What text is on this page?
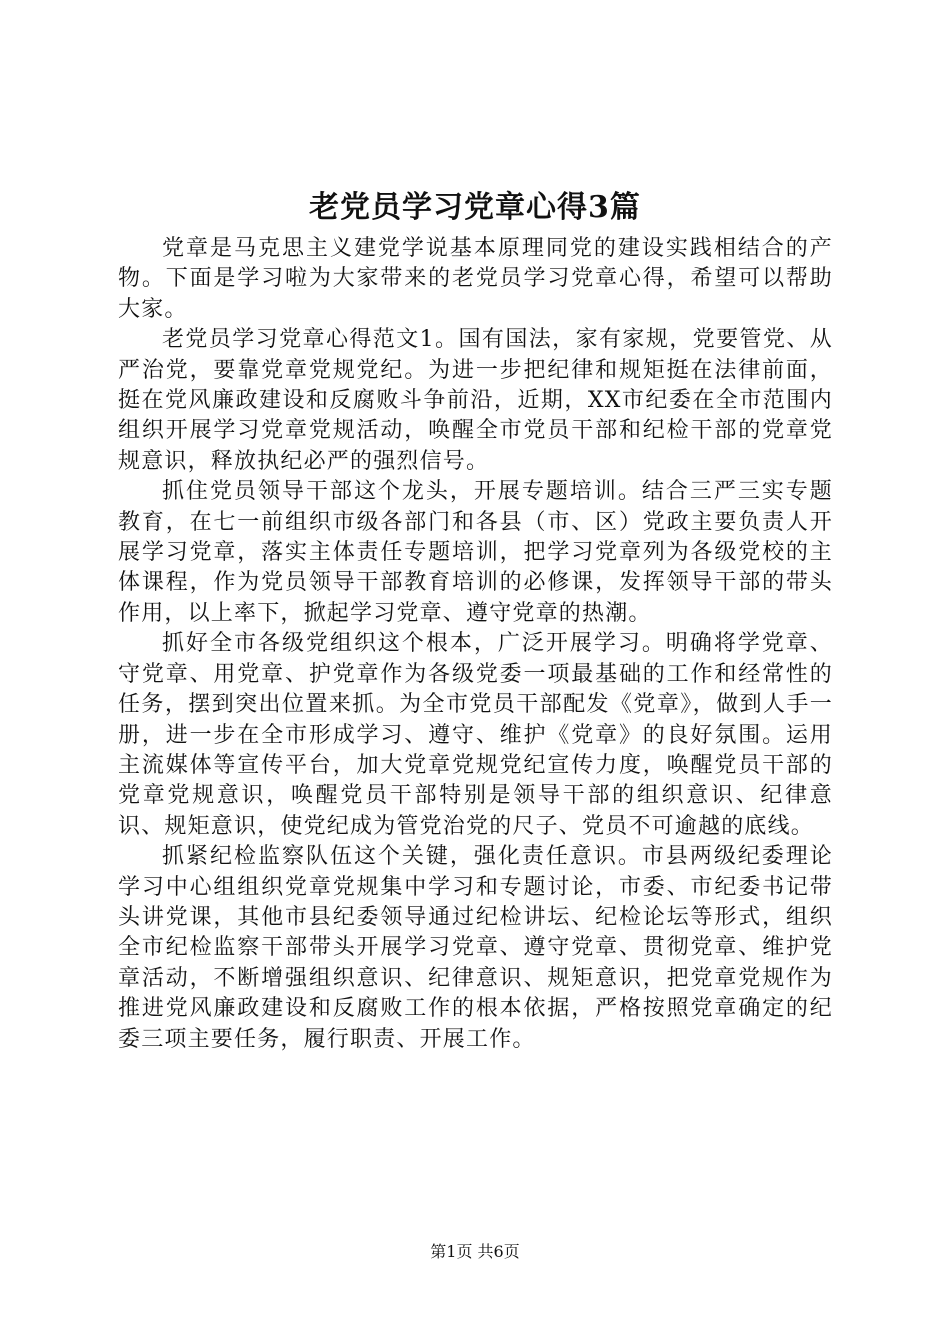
老党员学习党章心得3篇

党章是马克思主义建党学说基本原理同党的建设实践相结合的产物。下面是学习啦为大家带来的老党员学习党章心得，希望可以帮助大家。

老党员学习党章心得范文1。国有国法，家有家规，党要管党、从严治党，要靠党章党规党纪。为进一步把纪律和规矩挺在法律前面，挺在党风廉政建设和反腐败斗争前沿，近期，XX市纪委在全市范围内组织开展学习党章党规活动，唤醒全市党员干部和纪检干部的党章党规意识，释放执纪必严的强烈信号。

抓住党员领导干部这个龙头，开展专题培训。结合三严三实专题教育，在七一前组织市级各部门和各县（市、区）党政主要负责人开展学习党章，落实主体责任专题培训，把学习党章列为各级党校的主体课程，作为党员领导干部教育培训的必修课，发挥领导干部的带头作用，以上率下，掀起学习党章、遵守党章的热潮。

抓好全市各级党组织这个根本，广泛开展学习。明确将学党章、守党章、用党章、护党章作为各级党委一项最基础的工作和经常性的任务，摆到突出位置来抓。为全市党员干部配发《党章》，做到人手一册，进一步在全市形成学习、遵守、维护《党章》的良好氛围。运用主流媒体等宣传平台，加大党章党规党纪宣传力度，唤醒党员干部的党章党规意识，唤醒党员干部特别是领导干部的组织意识、纪律意识、规矩意识，使党纪成为管党治党的尺子、党员不可逾越的底线。

抓紧纪检监察队伍这个关键，强化责任意识。市县两级纪委理论学习中心组组织党章党规集中学习和专题讨论，市委、市纪委书记带头讲党课，其他市县纪委领导通过纪检讲坛、纪检论坛等形式，组织全市纪检监察干部带头开展学习党章、遵守党章、贯彻党章、维护党章活动，不断增强组织意识、纪律意识、规矩意识，把党章党规作为推进党风廉政建设和反腐败工作的根本依据，严格按照党章确定的纪委三项主要任务，履行职责、开展工作。

第1页 共6页
